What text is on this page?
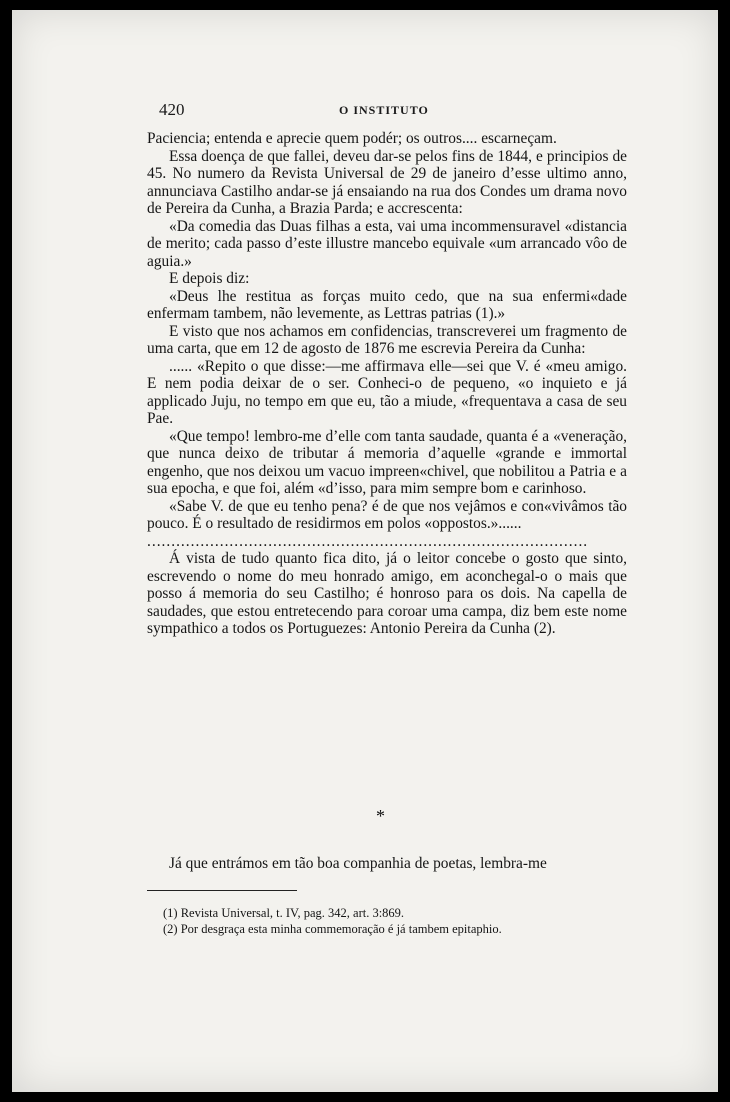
420	O INSTITUTO

Paciencia; entenda e aprecie quem podér; os outros.... escarneçam.

Essa doença de que fallei, deveu dar-se pelos fins de 1844, e principios de 45. No numero da Revista Universal de 29 de janeiro d’esse ultimo anno, annunciava Castilho andar-se já ensaiando na rua dos Condes um drama novo de Pereira da Cunha, a Brazia Parda; e accrescenta:

«Da comedia das Duas filhas a esta, vai uma incommensuravel «distancia de merito; cada passo d’este illustre mancebo equivale «um arrancado vôo de aguia.»

E depois diz:

«Deus lhe restitua as forças muito cedo, que na sua enfermi«dade enfermam tambem, não levemente, as Lettras patrias (1).»

E visto que nos achamos em confidencias, transcreverei um fragmento de uma carta, que em 12 de agosto de 1876 me escrevia Pereira da Cunha:

...... «Repito o que disse:—me affirmava elle—sei que V. é «meu amigo. E nem podia deixar de o ser. Conheci-o de pequeno, «o inquieto e já applicado Juju, no tempo em que eu, tão a miude, «frequentava a casa de seu Pae.

«Que tempo! lembro-me d’elle com tanta saudade, quanta é a «veneração, que nunca deixo de tributar á memoria d’aquelle «grande e immortal engenho, que nos deixou um vacuo impreen«chivel, que nobilitou a Patria e a sua epocha, e que foi, além «d’isso, para mim sempre bom e carinhoso.

«Sabe V. de que eu tenho pena? é de que nos vejâmos e con«vivâmos tão pouco. É o resultado de residirmos em polos «oppostos.»......

...........................................................................................

Á vista de tudo quanto fica dito, já o leitor concebe o gosto que sinto, escrevendo o nome do meu honrado amigo, em aconchegal-o o mais que posso á memoria do seu Castilho; é honroso para os dois. Na capella de saudades, que estou entretecendo para coroar uma campa, diz bem este nome sympathico a todos os Portuguezes: Antonio Pereira da Cunha (2).

*
Já que entrámos em tão boa companhia de poetas, lembra-me

(1) Revista Universal, t. IV, pag. 342, art. 3:869.

(2) Por desgraça esta minha commemoração é já tambem epitaphio.
